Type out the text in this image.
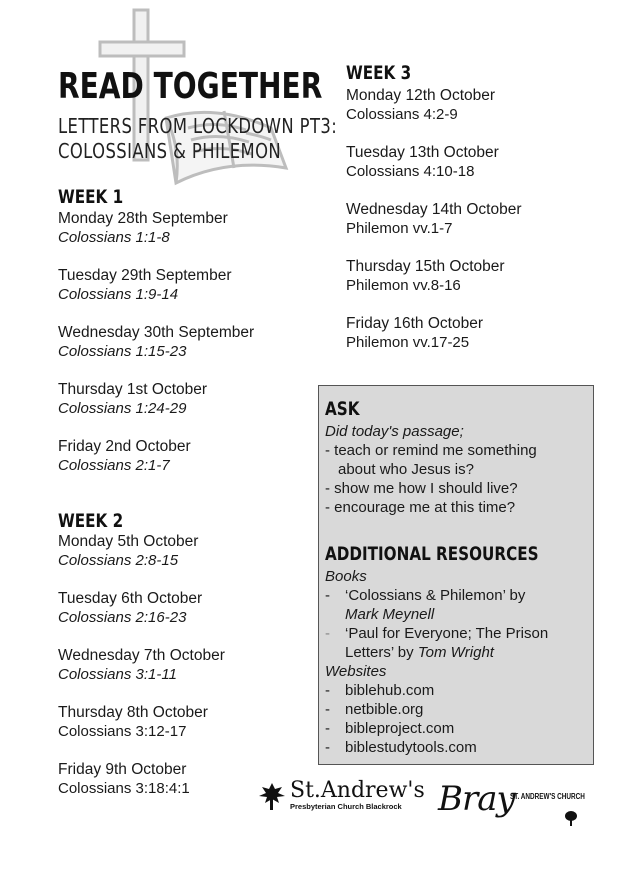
READ TOGETHER
LETTERS FROM LOCKDOWN PT3:
COLOSSIANS & PHILEMON
WEEK 1
Monday 28th September
Colossians 1:1-8
Tuesday 29th September
Colossians 1:9-14
Wednesday 30th September
Colossians 1:15-23
Thursday 1st October
Colossians 1:24-29
Friday 2nd October
Colossians 2:1-7
WEEK 2
Monday 5th October
Colossians 2:8-15
Tuesday 6th October
Colossians 2:16-23
Wednesday 7th October
Colossians 3:1-11
Thursday 8th October
Colossians 3:12-17
Friday 9th October
Colossians 3:18:4:1
WEEK 3
Monday 12th October
Colossians 4:2-9
Tuesday 13th October
Colossians 4:10-18
Wednesday 14th October
Philemon vv.1-7
Thursday 15th October
Philemon vv.8-16
Friday 16th October
Philemon vv.17-25
ASK
Did today's passage;
- teach or remind me something
about who Jesus is?
- show me how I should live?
- encourage me at this time?
ADDITIONAL RESOURCES
Books
- ‘Colossians & Philemon’ by
Mark Meynell
- ‘Paul for Everyone; The Prison
Letters’ by Tom Wright
Websites
- biblehub.com
- netbible.org
- bibleproject.com
- biblestudytools.com
St.Andrew's
Presbyterian Church Blackrock	Bray
ST. ANDREW'S CHURCH
